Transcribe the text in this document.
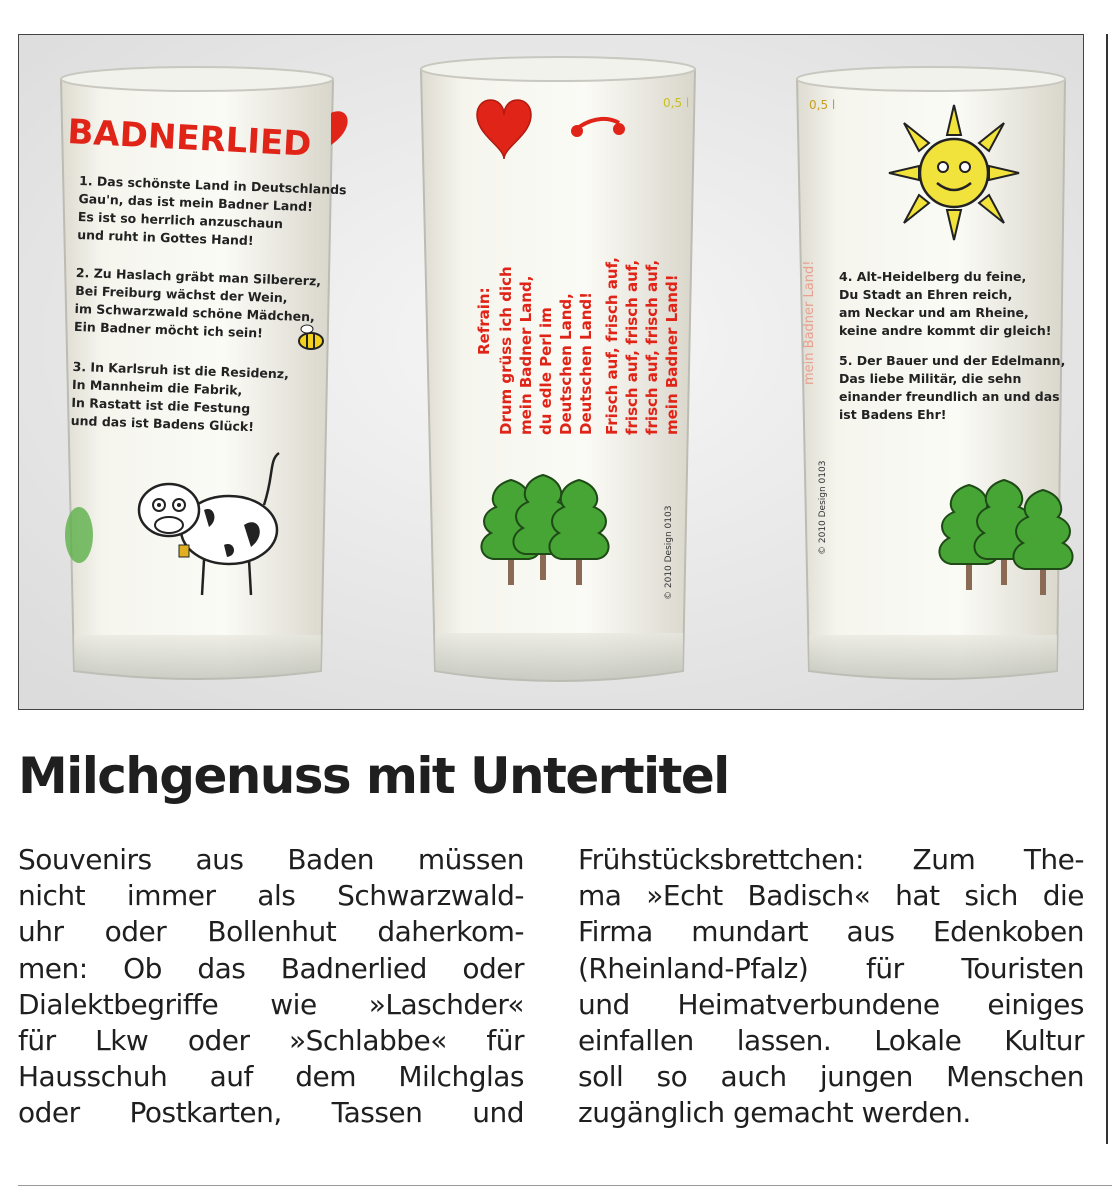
BADNERLIED
1. Das schönste Land in Deutschlands
Gau'n, das ist mein Badner Land!
Es ist so herrlich anzuschaun
und ruht in Gottes Hand!
2. Zu Haslach gräbt man Silbererz,
Bei Freiburg wächst der Wein,
im Schwarzwald schöne Mädchen,
Ein Badner möcht ich sein!
3. In Karlsruh ist die Residenz,
In Mannheim die Fabrik,
In Rastatt ist die Festung
und das ist Badens Glück!
0,5 l
Refrain: Drum grüss ich dich mein Badner Land, du edle Perl im Deutschen Land, Deutschen Land! Frisch auf, frisch auf, frisch auf, frisch auf, frisch auf, frisch auf, mein Badner Land!
© 2010 Design 0103
0,5 l
4. Alt-Heidelberg du feine,
Du Stadt an Ehren reich,
am Neckar und am Rheine,
keine andre kommt dir gleich!
5. Der Bauer und der Edelmann,
Das liebe Militär, die sehn
einander freundlich an und das
ist Badens Ehr!
mein Badner Land!
© 2010 Design 0103
Milchgenuss mit Untertitel
Souvenirs aus Baden müssen
nicht immer als Schwarzwald-
uhr oder Bollenhut daherkom-
men: Ob das Badnerlied oder
Dialektbegriffe wie »Laschder«
für Lkw oder »Schlabbe« für
Hausschuh auf dem Milchglas
oder Postkarten, Tassen und
Frühstücksbrettchen: Zum The-
ma »Echt Badisch« hat sich die
Firma mundart aus Edenkoben
(Rheinland-Pfalz) für Touristen
und Heimatverbundene einiges
einfallen lassen. Lokale Kultur
soll so auch jungen Menschen
zugänglich gemacht werden.
